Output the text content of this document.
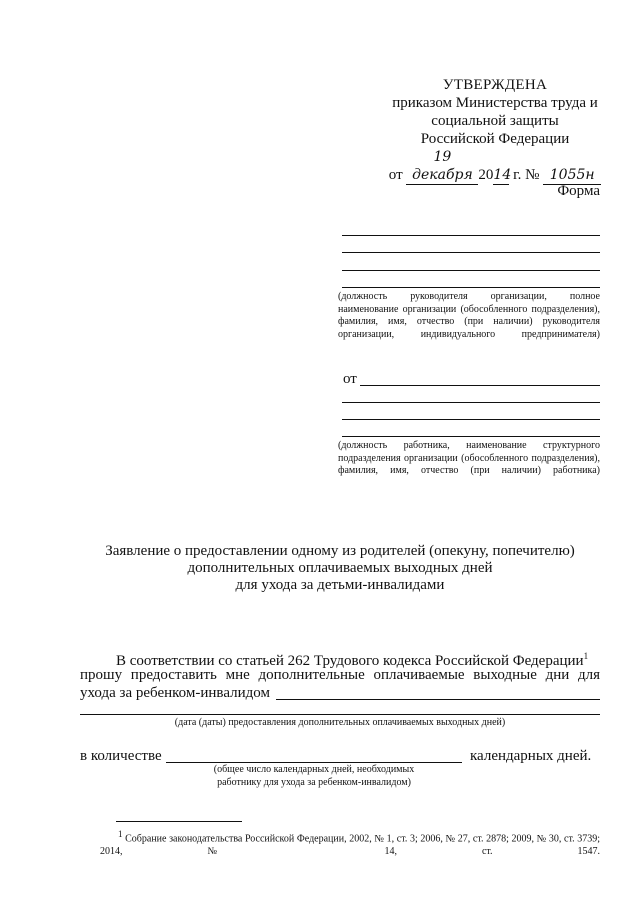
УТВЕРЖДЕНА
приказом Министерства труда и
социальной защиты
Российской Федерации
от 19 декабря 2014 г. № 1055н
Форма
(должность руководителя организации, полное наименование организации (обособленного подразделения), фамилия, имя, отчество (при наличии) руководителя организации, индивидуального предпринимателя)
от
(должность работника, наименование структурного подразделения организации (обособленного подразделения), фамилия, имя, отчество (при наличии) работника)
Заявление о предоставлении одному из родителей (опекуну, попечителю)
дополнительных оплачиваемых выходных дней
для ухода за детьми-инвалидами
В соответствии со статьей 262 Трудового кодекса Российской Федерации$^1$
прошу предоставить мне дополнительные оплачиваемые выходные дни для
ухода за ребенком-инвалидом
(дата (даты) предоставления дополнительных оплачиваемых выходных дней)
в количестве	календарных дней.
(общее число календарных дней, необходимых
работнику для ухода за ребенком-инвалидом)
1 Собрание законодательства Российской Федерации, 2002, № 1, ст. 3; 2006, № 27, ст. 2878; 2009, № 30, ст. 3739; 2014, № 14, ст. 1547.
